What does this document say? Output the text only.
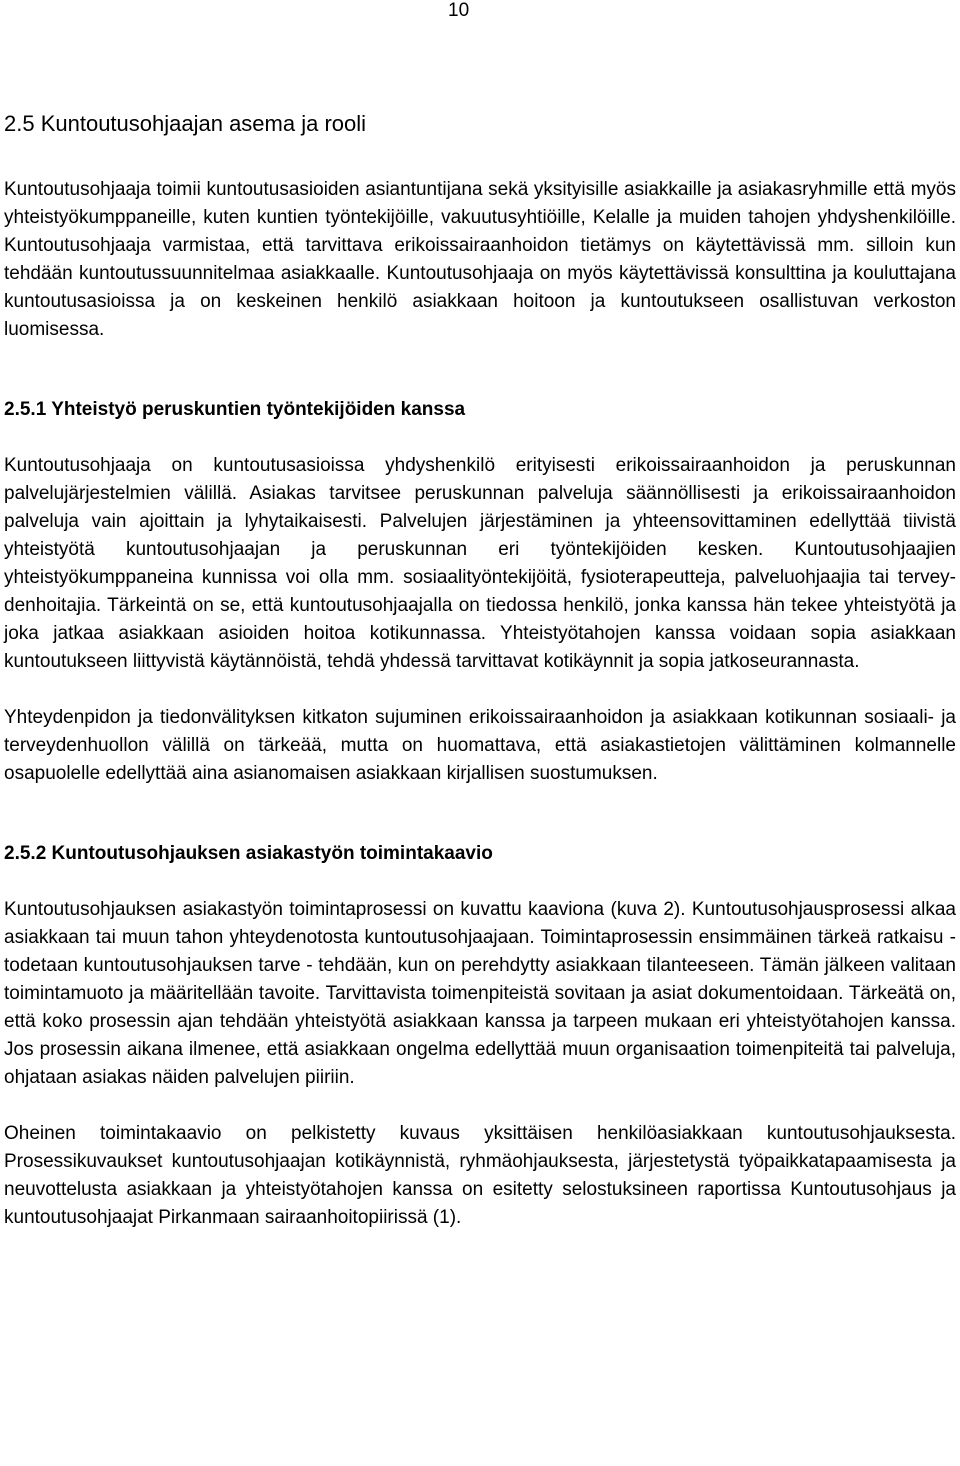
10
2.5 Kuntoutusohjaajan asema ja rooli

Kuntoutusohjaaja toimii kuntoutusasioiden asiantuntijana sekä yksityisille asiakkaille ja asiakasryhmille että myös yhteistyökumppaneille, kuten kuntien työntekijöille, vakuutusyhtiöille, Kelalle ja muiden tahojen yhdyshenkilöille. Kuntoutusohjaaja varmistaa, että tarvittava erikoissairaanhoidon tietämys on käytettävissä mm. silloin kun tehdään kuntoutussuunnitelmaa asiakkaalle. Kuntoutusohjaaja on myös käytettävissä konsulttina ja kouluttajana kuntoutusasioissa ja on keskeinen henkilö asiakkaan hoitoon ja kuntoutukseen osallistuvan verkoston luomisessa.

2.5.1 Yhteistyö peruskuntien työntekijöiden kanssa

Kuntoutusohjaaja on kuntoutusasioissa yhdyshenkilö erityisesti erikoissairaanhoidon ja peruskunnan palvelujärjestelmien välillä. Asiakas tarvitsee peruskunnan palveluja säännöllisesti ja erikoissairaanhoidon palveluja vain ajoittain ja lyhytaikaisesti. Palvelujen järjestäminen ja yhteensovittaminen edellyttää tiivistä yhteistyötä kuntoutusohjaajan ja peruskunnan eri työntekijöiden kesken. Kuntoutusohjaajien yhteistyökumppaneina kunnissa voi olla mm. sosiaalityöntekijöitä, fysioterapeutteja, palveluohjaajia tai terveydenhoitajia. Tärkeintä on se, että kuntoutusohjaajalla on tiedossa henkilö, jonka kanssa hän tekee yhteistyötä ja joka jatkaa asiakkaan asioiden hoitoa kotikunnassa. Yhteistyötahojen kanssa voidaan sopia asiakkaan kuntoutukseen liittyvistä käytännöistä, tehdä yhdessä tarvittavat kotikäynnit ja sopia jatkoseurannasta.

Yhteydenpidon ja tiedonvälityksen kitkaton sujuminen erikoissairaanhoidon ja asiakkaan kotikunnan sosiaali- ja terveydenhuollon välillä on tärkeää, mutta on huomattava, että asiakastietojen välittäminen kolmannelle osapuolelle edellyttää aina asianomaisen asiakkaan kirjallisen suostumuksen.

2.5.2 Kuntoutusohjauksen asiakastyön toimintakaavio

Kuntoutusohjauksen asiakastyön toimintaprosessi on kuvattu kaaviona (kuva 2). Kuntoutusohjausprosessi alkaa asiakkaan tai muun tahon yhteydenotosta kuntoutusohjaajaan. Toimintaprosessin ensimmäinen tärkeä ratkaisu - todetaan kuntoutusohjauksen tarve - tehdään, kun on perehdytty asiakkaan tilanteeseen. Tämän jälkeen valitaan toimintamuoto ja määritellään tavoite. Tarvittavista toimenpiteistä sovitaan ja asiat dokumentoidaan. Tärkeätä on, että koko prosessin ajan tehdään yhteistyötä asiakkaan kanssa ja tarpeen mukaan eri yhteistyötahojen kanssa. Jos prosessin aikana ilmenee, että asiakkaan ongelma edellyttää muun organisaation toimenpiteitä tai palveluja, ohjataan asiakas näiden palvelujen piiriin.

Oheinen toimintakaavio on pelkistetty kuvaus yksittäisen henkilöasiakkaan kuntoutusohjauksesta. Prosessikuvaukset kuntoutusohjaajan kotikäynnistä, ryhmäohjauksesta, järjestetystä työpaikkatapaamisesta ja neuvottelusta asiakkaan ja yhteistyötahojen kanssa on esitetty selostuksineen raportissa Kuntoutusohjaus ja kuntoutusohjaajat Pirkanmaan sairaanhoitopiirissä (1).
